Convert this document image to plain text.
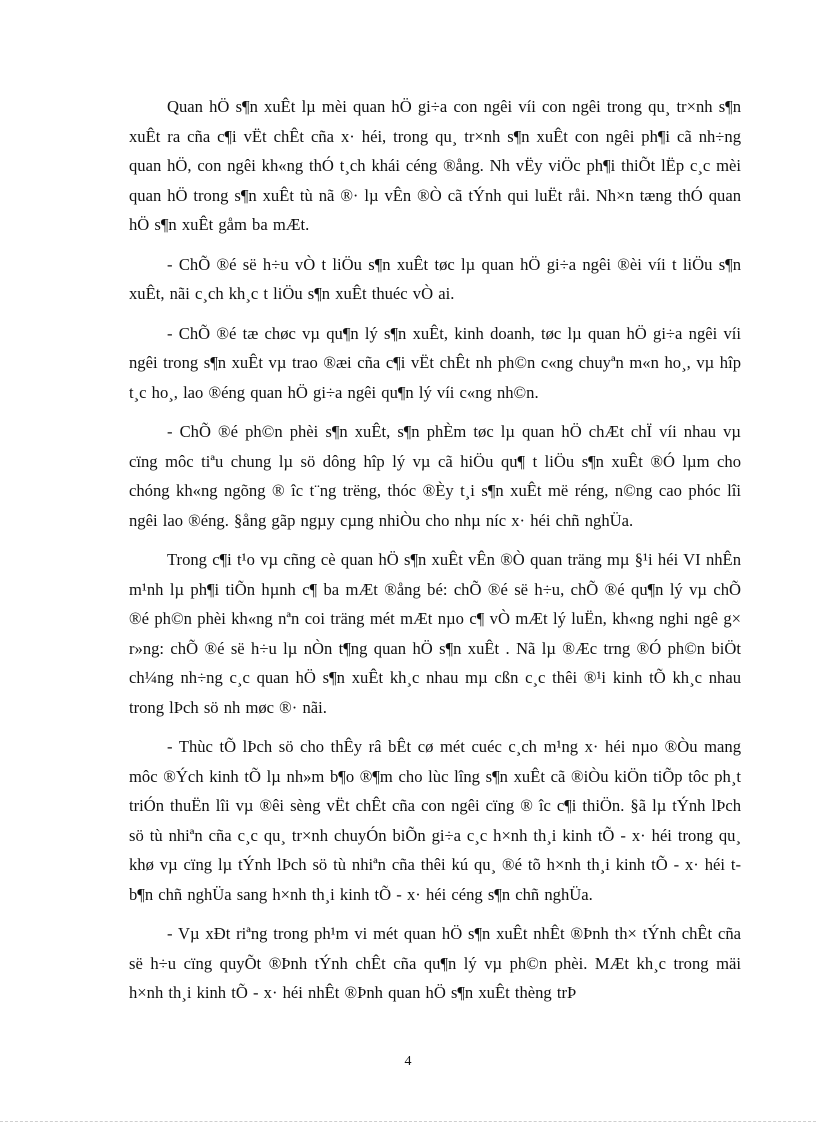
Quan hÖ s¶n xuÊt lµ mèi quan hÖ gi÷a con ngêi víi con ngêi trong qu¸ tr×nh s¶n xuÊt ra cña c¶i vËt chÊt cña x· héi, trong qu¸ tr×nh s¶n xuÊt con ngêi ph¶i cã nh÷ng quan hÖ, con ngêi kh«ng thÓ t¸ch khái céng ®ång. Nh vËy viÖc ph¶i thiÕt lËp c¸c mèi quan hÖ trong s¶n xuÊt tù nã ®· lµ vÊn ®Ò cã tÝnh qui luËt råi. Nh×n tæng thÓ quan hÖ s¶n xuÊt gåm ba mÆt.

- ChÕ ®é së h÷u vÒ t liÖu s¶n xuÊt tøc lµ quan hÖ gi÷a ngêi ®èi víi t liÖu s¶n xuÊt, nãi c¸ch kh¸c t liÖu s¶n xuÊt thuéc vÒ ai.

- ChÕ ®é tæ chøc vµ qu¶n lý s¶n xuÊt, kinh doanh, tøc lµ quan hÖ gi÷a ngêi víi ngêi trong s¶n xuÊt vµ trao ®æi cña c¶i vËt chÊt nh ph©n c«ng chuyªn m«n ho¸, vµ hîp t¸c ho¸, lao ®éng quan hÖ gi÷a ngêi qu¶n lý víi c«ng nh©n.

- ChÕ ®é ph©n phèi s¶n xuÊt, s¶n phÈm tøc lµ quan hÖ chÆt chÏ víi nhau vµ cïng môc tiªu chung lµ sö dông hîp lý vµ cã hiÖu qu¶ t liÖu s¶n xuÊt ®Ó lµm cho chóng kh«ng ngõng ® îc t¨ng trëng, thóc ®Èy t¸i s¶n xuÊt më réng, n©ng cao phóc lîi ngêi lao ®éng. §ång gãp ngµy cµng nhiÒu cho nhµ níc x· héi chñ nghÜa.

Trong c¶i t¹o vµ cñng cè quan hÖ s¶n xuÊt vÊn ®Ò quan träng mµ §¹i héi VI nhÊn m¹nh lµ ph¶i tiÕn hµnh c¶ ba mÆt ®ång bé: chÕ ®é së h÷u, chÕ ®é qu¶n lý vµ chÕ ®é ph©n phèi kh«ng nªn coi träng mét mÆt nµo c¶ vÒ mÆt lý luËn, kh«ng nghi ngê g× r»ng: chÕ ®é së h÷u lµ nÒn t¶ng quan hÖ s¶n xuÊt . Nã lµ ®Æc trng ®Ó ph©n biÖt ch¼ng nh÷ng c¸c quan hÖ s¶n xuÊt kh¸c nhau mµ cßn c¸c thêi ®¹i kinh tÕ kh¸c nhau trong lÞch sö nh møc ®· nãi.

- Thùc tÕ lÞch sö cho thÊy râ bÊt cø mét cuéc c¸ch m¹ng x· héi nµo ®Òu mang môc ®Ých kinh tÕ lµ nh»m b¶o ®¶m cho lùc lîng s¶n xuÊt cã ®iÒu kiÖn tiÕp tôc ph¸t triÓn thuËn lîi vµ ®êi sèng vËt chÊt cña con ngêi cïng ® îc c¶i thiÖn. §ã lµ tÝnh lÞch sö tù nhiªn cña c¸c qu¸ tr×nh chuyÓn biÕn gi÷a c¸c h×nh th¸i kinh tÕ - x· héi trong qu¸ khø vµ cïng lµ tÝnh lÞch sö tù nhiªn cña thêi kú qu¸ ®é tõ h×nh th¸i kinh tÕ - x· héi t b¶n chñ nghÜa sang h×nh th¸i kinh tÕ - x· héi céng s¶n chñ nghÜa.

- Vµ xÐt riªng trong ph¹m vi mét quan hÖ s¶n xuÊt nhÊt ®Þnh th× tÝnh chÊt cña së h÷u cïng quyÕt ®Þnh tÝnh chÊt cña qu¶n lý vµ ph©n phèi. MÆt kh¸c trong mäi h×nh th¸i kinh tÕ - x· héi nhÊt ®Þnh quan hÖ s¶n xuÊt thèng trÞ

4
